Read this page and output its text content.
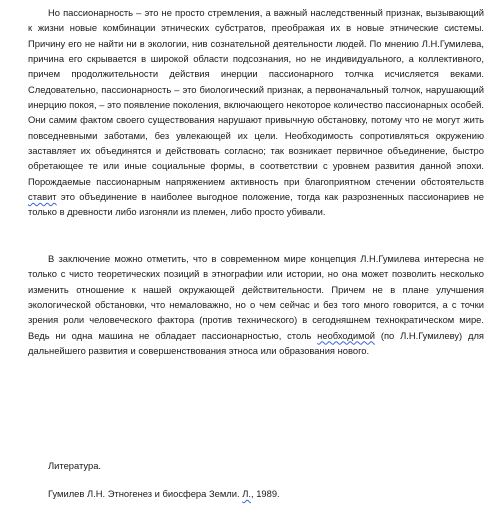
Но пассионарность – это не просто стремления, а важный наследственный признак, вызывающий к жизни новые комбинации этнических субстратов, преображая их в новые этнические системы. Причину его не найти ни в экологии, нив сознательной деятельности людей. По мнению Л.Н.Гумилева, причина его скрывается в широкой области подсознания, но не индивидуального, а коллективного, причем продолжительности действия инерции пассионарного толчка исчисляется веками. Следовательно, пассионарность – это биологический признак, а первоначальный толчок, нарушающий инерцию покоя, – это появление поколения, включающего некоторое количество пассионарных особей. Они самим фактом своего существования нарушают привычную обстановку, потому что не могут жить повседневными заботами, без увлекающей их цели. Необходимость сопротивляться окружению заставляет их объединятся и действовать согласно; так возникает первичное объединение, быстро обретающее те или иные социальные формы, в соответствии с уровнем развития данной эпохи. Порождаемые пассионарным напряжением активность при благоприятном стечении обстоятельств ставит это объединение в наиболее выгодное положение, тогда как разрозненных пассионариев не только в древности либо изгоняли из племен, либо просто убивали.

В заключение можно отметить, что в современном мире концепция Л.Н.Гумилева интересна не только с чисто теоретических позиций в этнографии или истории, но она может позволить несколько изменить отношение к нашей окружающей действительности. Причем не в плане улучшения экологической обстановки, что немаловажно, но о чем сейчас и без того много говорится, а с точки зрения роли человеческого фактора (против технического) в сегодняшнем технократическом мире. Ведь ни одна машина не обладает пассионарностью, столь необходимой (по Л.Н.Гумилеву) для дальнейшего развития и совершенствования этноса или образования нового.

Литература.

Гумилев Л.Н. Этногенез и биосфера Земли. Л., 1989.
